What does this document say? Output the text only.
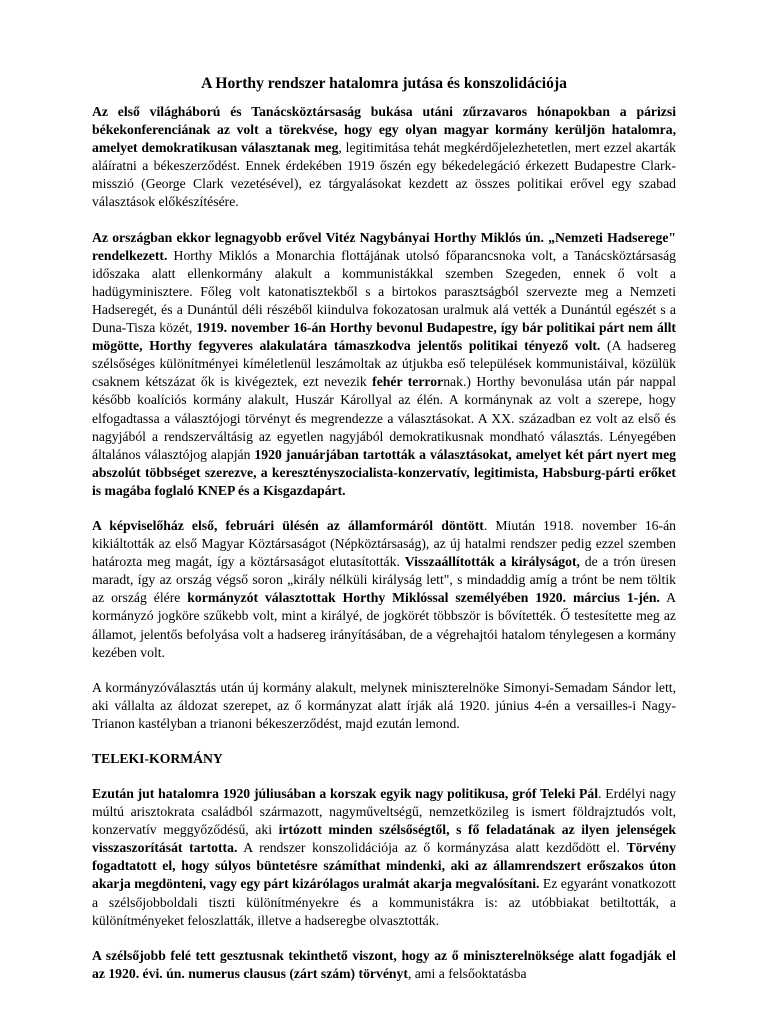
A Horthy rendszer hatalomra jutása és konszolidációja

Az első világháború és Tanácsköztársaság bukása utáni zűrzavaros hónapokban a párizsi békekonferenciának az volt a törekvése, hogy egy olyan magyar kormány kerüljön hatalomra, amelyet demokratikusan választanak meg, legitimitása tehát megkérdőjelezhetetlen, mert ezzel akarták aláíratni a békeszerződést. Ennek érdekében 1919 őszén egy békedelegáció érkezett Budapestre Clark-misszió (George Clark vezetésével), ez tárgyalásokat kezdett az összes politikai erővel egy szabad választások előkészítésére.

Az országban ekkor legnagyobb erővel Vitéz Nagybányai Horthy Miklós ún. „Nemzeti Hadserege" rendelkezett. Horthy Miklós a Monarchia flottájának utolsó főparancsnoka volt, a Tanácsköztársaság időszaka alatt ellenkormány alakult a kommunistákkal szemben Szegeden, ennek ő volt a hadügyminisztere. Főleg volt katonatisztekből s a birtokos parasztságból szervezte meg a Nemzeti Hadseregét, és a Dunántúl déli részéből kiindulva fokozatosan uralmuk alá vették a Dunántúl egészét s a Duna-Tisza közét, 1919. november 16-án Horthy bevonul Budapestre, így bár politikai párt nem állt mögötte, Horthy fegyveres alakulatára támaszkodva jelentős politikai tényező volt. (A hadsereg szélsőséges különítményei kíméletlenül leszámoltak az útjukba eső települések kommunistáival, közülük csaknem kétszázat ők is kivégeztek, ezt nevezik fehér terrornak.) Horthy bevonulása után pár nappal később koalíciós kormány alakult, Huszár Károllyal az élén. A kormánynak az volt a szerepe, hogy elfogadtassa a választójogi törvényt és megrendezze a választásokat. A XX. században ez volt az első és nagyjából a rendszerváltásig az egyetlen nagyjából demokratikusnak mondható választás. Lényegében általános választójog alapján 1920 januárjában tartották a választásokat, amelyet két párt nyert meg abszolút többséget szerezve, a keresztényszocialista-konzervatív, legitimista, Habsburg-párti erőket is magába foglaló KNEP és a Kisgazdapárt.

A képviselőház első, februári ülésén az államformáról döntött. Miután 1918. november 16-án kikiáltották az első Magyar Köztársaságot (Népköztársaság), az új hatalmi rendszer pedig ezzel szemben határozta meg magát, így a köztársaságot elutasították. Visszaállították a királyságot, de a trón üresen maradt, így az ország végső soron „király nélküli királyság lett", s mindaddig amíg a trónt be nem töltik az ország élére kormányzót választottak Horthy Miklóssal személyében 1920. március 1-jén. A kormányzó jogköre szűkebb volt, mint a királyé, de jogkörét többször is bővítették. Ő testesítette meg az államot, jelentős befolyása volt a hadsereg irányításában, de a végrehajtói hatalom ténylegesen a kormány kezében volt.

A kormányzóválasztás után új kormány alakult, melynek miniszterelnöke Simonyi-Semadam Sándor lett, aki vállalta az áldozat szerepet, az ő kormányzat alatt írják alá 1920. június 4-én a versailles-i Nagy-Trianon kastélyban a trianoni békeszerződést, majd ezután lemond.

TELEKI-KORMÁNY

Ezután jut hatalomra 1920 júliusában a korszak egyik nagy politikusa, gróf Teleki Pál. Erdélyi nagy múltú arisztokrata családból származott, nagyműveltségű, nemzetközileg is ismert földrajztudós volt, konzervatív meggyőződésű, aki irtózott minden szélsőségtől, s fő feladatának az ilyen jelenségek visszaszorítását tartotta. A rendszer konszolidációja az ő kormányzása alatt kezdődött el. Törvény fogadtatott el, hogy súlyos büntetésre számíthat mindenki, aki az államrendszert erőszakos úton akarja megdönteni, vagy egy párt kizárólagos uralmát akarja megvalósítani. Ez egyaránt vonatkozott a szélsőjobboldali tiszti különítményekre és a kommunistákra is: az utóbbiakat betiltották, a különítményeket feloszlatták, illetve a hadseregbe olvasztották.

A szélsőjobb felé tett gesztusnak tekinthető viszont, hogy az ő miniszterelnöksége alatt fogadják el az 1920. évi. ún. numerus clausus (zárt szám) törvényt, ami a felsőoktatásba
